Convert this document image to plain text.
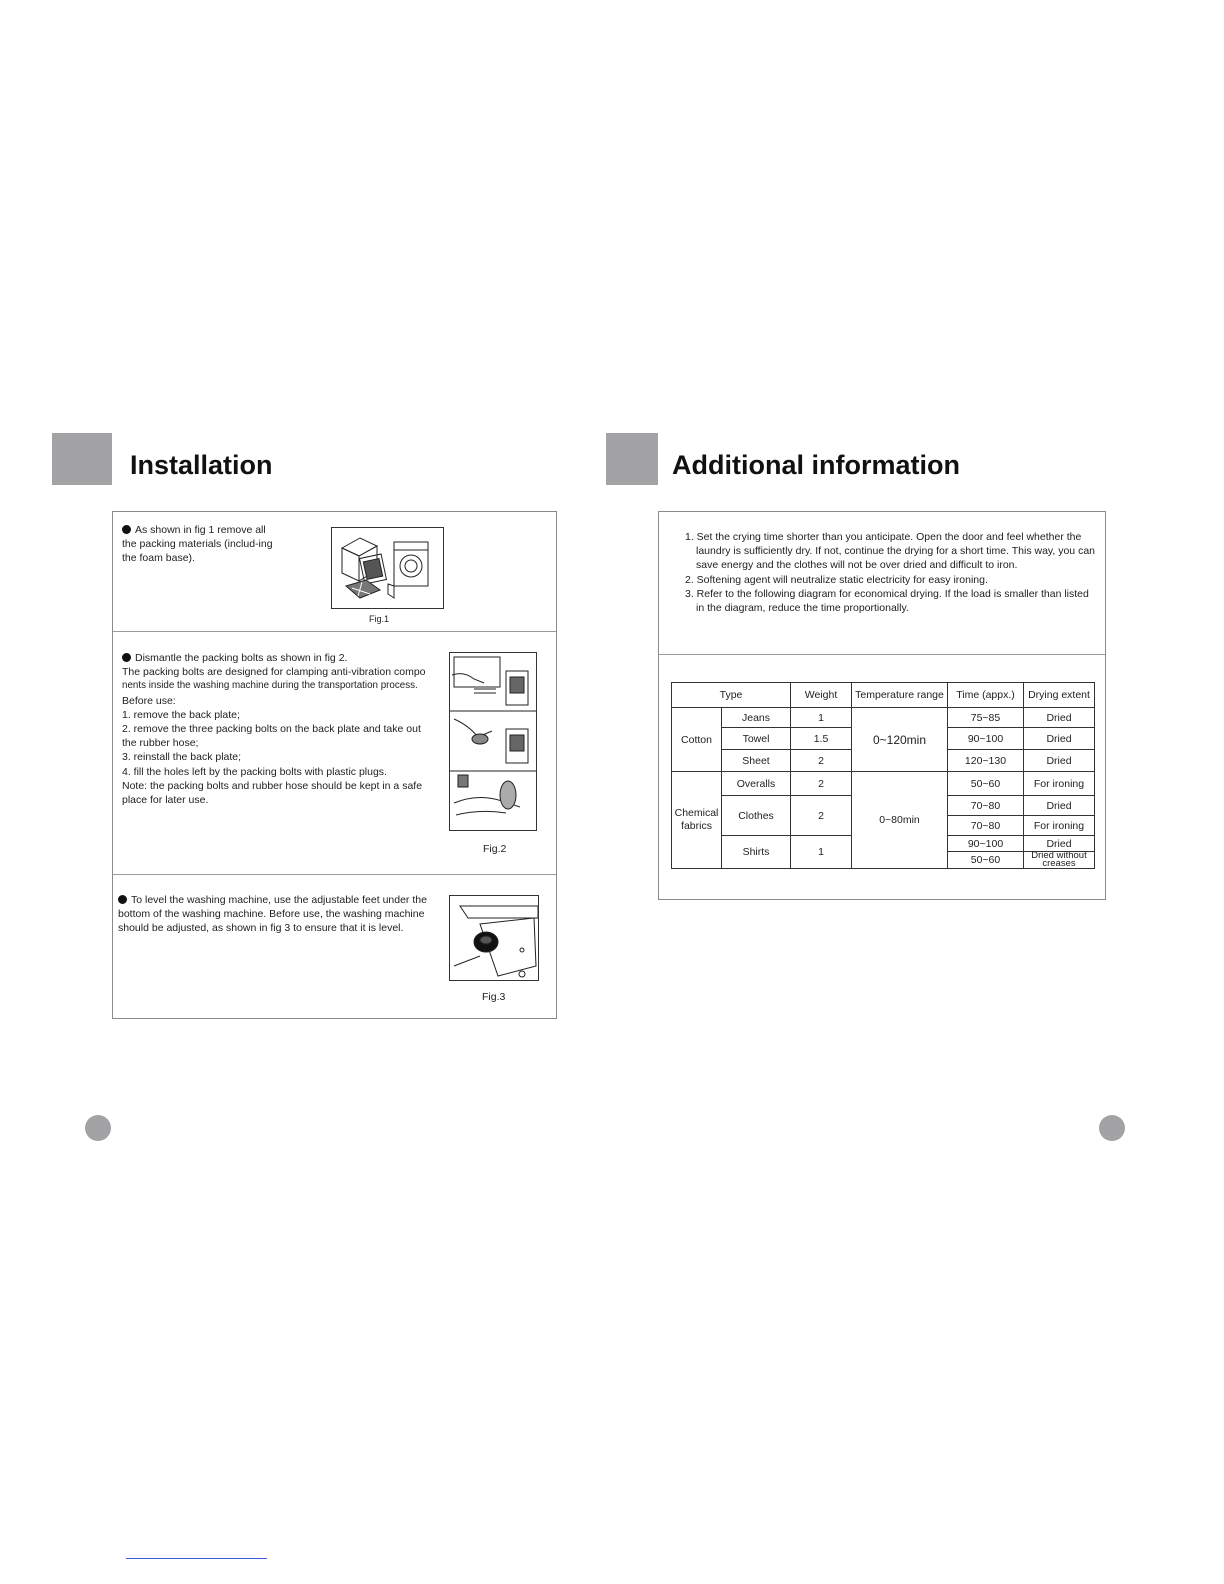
Installation
As shown in fig 1 remove all the packing materials (includ-ing the foam base).
Fig.1

Dismantle the packing bolts as shown in fig 2.

The packing bolts are designed for clamping anti-vibration compo

nents inside the washing machine during the transportation process.

Before use:

1. remove the back plate;

2. remove the three packing bolts on the back plate and take out

the rubber hose;

3. reinstall the back plate;

4. fill the holes left by the packing bolts with plastic plugs.

Note: the packing bolts and rubber hose should be kept in a safe

place for later use.

Fig.2

To level the washing machine, use the adjustable feet under the

bottom of the washing machine. Before use, the washing machine

should be adjusted, as shown in fig 3 to ensure that it is level.

Fig.3
Additional information

1. Set the crying time shorter than you anticipate. Open the door and feel whether the laundry is sufficiently dry. If not, continue the drying for a short time. This way, you can save energy and the clothes will not be over dried and difficult to iron.

2. Softening agent will neutralize static electricity for easy ironing.

3. Refer to the following diagram for economical drying. If the load is smaller than listed in the diagram, reduce the time proportionally.

Type		Weight	Temperature range	Time (appx.)	Drying extent
Cotton	Jeans	1	0~120min	75~85	Dried
	Towel	1.5		90~100	Dried
	Sheet	2		120~130	Dried
Chemical fabrics	Overalls	2	0~80min	50~60	For ironing
	Clothes	2		70~80	Dried
				70~80	For ironing
	Shirts	1		90~100	Dried
				50~60	Dried without creases
